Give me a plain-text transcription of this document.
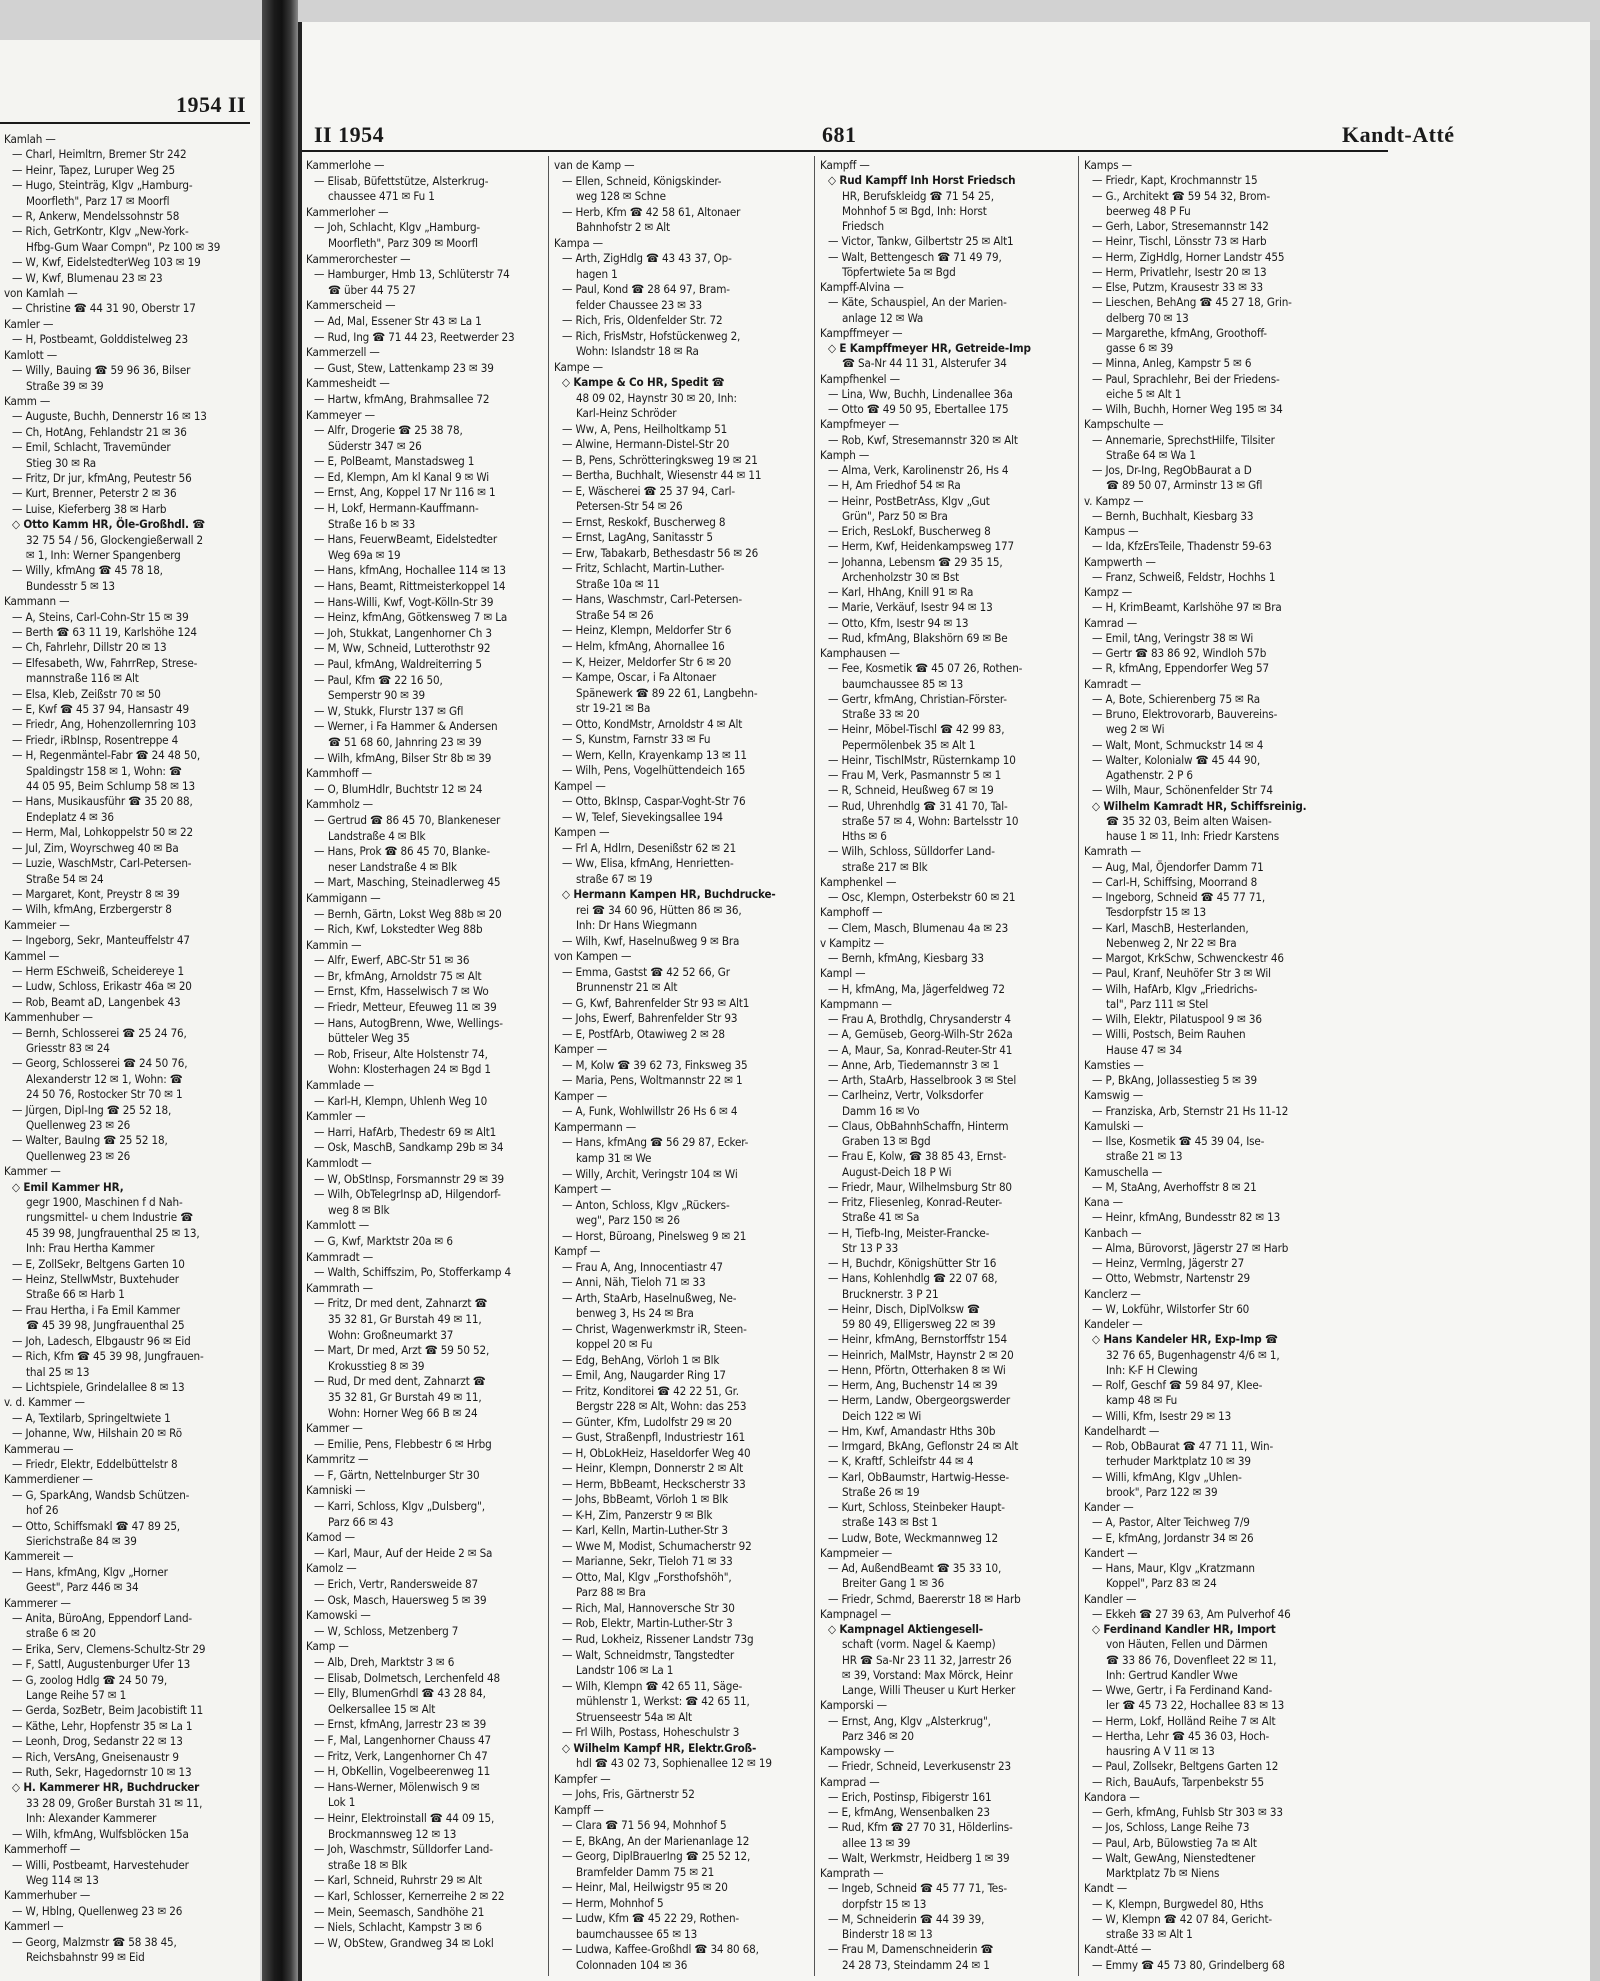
1954 II
Kamlah —
— Charl, Heimltrn, Bremer Str 242
— Heinr, Tapez, Luruper Weg 25
— Hugo, Steinträg, Klgv „Hamburg-
Moorfleth", Parz 17 ✉ Moorfl
— R, Ankerw, Mendelssohnstr 58
— Rich, GetrKontr, Klgv „New-York-
Hfbg-Gum Waar Compn", Pz 100 ✉ 39
— W, Kwf, EidelstedterWeg 103 ✉ 19
— W, Kwf, Blumenau 23 ✉ 23
von Kamlah —
— Christine ☎ 44 31 90, Oberstr 17
Kamler —
— H, Postbeamt, Golddistelweg 23
Kamlott —
— Willy, Bauing ☎ 59 96 36, Bilser
Straße 39 ✉ 39
Kamm —
— Auguste, Buchh, Dennerstr 16 ✉ 13
— Ch, HotAng, Fehlandstr 21 ✉ 36
— Emil, Schlacht, Travemünder
Stieg 30 ✉ Ra
— Fritz, Dr jur, kfmAng, Peutestr 56
— Kurt, Brenner, Peterstr 2 ✉ 36
— Luise, Kieferberg 38 ✉ Harb
◇ Otto Kamm HR, Öle-Großhdl. ☎
32 75 54 / 56, Glockengießerwall 2
✉ 1, Inh: Werner Spangenberg
— Willy, kfmAng ☎ 45 78 18,
Bundesstr 5 ✉ 13
Kammann —
— A, Steins, Carl-Cohn-Str 15 ✉ 39
— Berth ☎ 63 11 19, Karlshöhe 124
— Ch, Fahrlehr, Dillstr 20 ✉ 13
— Elfesabeth, Ww, FahrrRep, Strese-
mannstraße 116 ✉ Alt
— Elsa, Kleb, Zeißstr 70 ✉ 50
— E, Kwf ☎ 45 37 94, Hansastr 49
— Friedr, Ang, Hohenzollernring 103
— Friedr, iRbInsp, Rosentreppe 4
— H, Regenmäntel-Fabr ☎ 24 48 50,
Spaldingstr 158 ✉ 1, Wohn: ☎
44 05 95, Beim Schlump 58 ✉ 13
— Hans, Musikausführ ☎ 35 20 88,
Endeplatz 4 ✉ 36
— Herm, Mal, Lohkoppelstr 50 ✉ 22
— Jul, Zim, Woyrschweg 40 ✉ Ba
— Luzie, WaschMstr, Carl-Petersen-
Straße 54 ✉ 24
— Margaret, Kont, Preystr 8 ✉ 39
— Wilh, kfmAng, Erzbergerstr 8
Kammeier —
— Ingeborg, Sekr, Manteuffelstr 47
Kammel —
— Herm ESchweiß, Scheidereye 1
— Ludw, Schloss, Erikastr 46a ✉ 20
— Rob, Beamt aD, Langenbek 43
Kammenhuber —
— Bernh, Schlosserei ☎ 25 24 76,
Griesstr 83 ✉ 24
— Georg, Schlosserei ☎ 24 50 76,
Alexanderstr 12 ✉ 1, Wohn: ☎
24 50 76, Rostocker Str 70 ✉ 1
— Jürgen, Dipl-Ing ☎ 25 52 18,
Quellenweg 23 ✉ 26
— Walter, BauIng ☎ 25 52 18,
Quellenweg 23 ✉ 26
Kammer —
◇ Emil Kammer HR,
gegr 1900, Maschinen f d Nah-
rungsmittel- u chem Industrie ☎
45 39 98, Jungfrauenthal 25 ✉ 13,
Inh: Frau Hertha Kammer
— E, ZollSekr, Beltgens Garten 10
— Heinz, StellwMstr, Buxtehuder
Straße 66 ✉ Harb 1
— Frau Hertha, i Fa Emil Kammer
☎ 45 39 98, Jungfrauenthal 25
— Joh, Ladesch, Elbgaustr 96 ✉ Eid
— Rich, Kfm ☎ 45 39 98, Jungfrauen-
thal 25 ✉ 13
— Lichtspiele, Grindelallee 8 ✉ 13
v. d. Kammer —
— A, Textilarb, Springeltwiete 1
— Johanne, Ww, Hilshain 20 ✉ Rö
Kammerau —
— Friedr, Elektr, Eddelbüttelstr 8
Kammerdiener —
— G, SparkAng, Wandsb Schützen-
hof 26
— Otto, Schiffsmakl ☎ 47 89 25,
Sierichstraße 84 ✉ 39
Kammereit —
— Hans, kfmAng, Klgv „Horner
Geest", Parz 446 ✉ 34
Kammerer —
— Anita, BüroAng, Eppendorf Land-
straße 6 ✉ 20
— Erika, Serv, Clemens-Schultz-Str 29
— F, Sattl, Augustenburger Ufer 13
— G, zoolog Hdlg ☎ 24 50 79,
Lange Reihe 57 ✉ 1
— Gerda, SozBetr, Beim Jacobistift 11
— Käthe, Lehr, Hopfenstr 35 ✉ La 1
— Leonh, Drog, Sedanstr 22 ✉ 13
— Rich, VersAng, Gneisenaustr 9
— Ruth, Sekr, Hagedornstr 10 ✉ 13
◇ H. Kammerer HR, Buchdrucker
33 28 09, Großer Burstah 31 ✉ 11,
Inh: Alexander Kammerer
— Wilh, kfmAng, Wulfsblöcken 15a
Kammerhoff —
— Willi, Postbeamt, Harvestehuder
Weg 114 ✉ 13
Kammerhuber —
— W, Hblng, Quellenweg 23 ✉ 26
Kammerl —
— Georg, Malzmstr ☎ 58 38 45,
Reichsbahnstr 99 ✉ Eid
II 1954	681	Kandt-Atté
Kammerlohe —
— Elisab, Büfettstütze, Alsterkrug-
chaussee 471 ✉ Fu 1
Kammerloher —
— Joh, Schlacht, Klgv „Hamburg-
Moorfleth", Parz 309 ✉ Moorfl
Kammerorchester —
— Hamburger, Hmb 13, Schlüterstr 74
☎ über 44 75 27
Kammerscheid —
— Ad, Mal, Essener Str 43 ✉ La 1
— Rud, Ing ☎ 71 44 23, Reetwerder 23
Kammerzell —
— Gust, Stew, Lattenkamp 23 ✉ 39
Kammesheidt —
— Hartw, kfmAng, Brahmsallee 72
Kammeyer —
— Alfr, Drogerie ☎ 25 38 78,
Süderstr 347 ✉ 26
— E, PolBeamt, Manstadsweg 1
— Ed, Klempn, Am kl Kanal 9 ✉ Wi
— Ernst, Ang, Koppel 17 Nr 116 ✉ 1
— H, Lokf, Hermann-Kauffmann-
Straße 16 b ✉ 33
— Hans, FeuerwBeamt, Eidelstedter
Weg 69a ✉ 19
— Hans, kfmAng, Hochallee 114 ✉ 13
— Hans, Beamt, Rittmeisterkoppel 14
— Hans-Willi, Kwf, Vogt-Kölln-Str 39
— Heinz, kfmAng, Götkensweg 7 ✉ La
— Joh, Stukkat, Langenhorner Ch 3
— M, Ww, Schneid, Lutterothstr 92
— Paul, kfmAng, Waldreiterring 5
— Paul, Kfm ☎ 22 16 50,
Semperstr 90 ✉ 39
— W, Stukk, Flurstr 137 ✉ Gfl
— Werner, i Fa Hammer & Andersen
☎ 51 68 60, Jahnring 23 ✉ 39
— Wilh, kfmAng, Bilser Str 8b ✉ 39
Kammhoff —
— O, BlumHdlr, Buchtstr 12 ✉ 24
Kammholz —
— Gertrud ☎ 86 45 70, Blankeneser
Landstraße 4 ✉ Blk
— Hans, Prok ☎ 86 45 70, Blanke-
neser Landstraße 4 ✉ Blk
— Mart, Masching, Steinadlerweg 45
Kammigann —
— Bernh, Gärtn, Lokst Weg 88b ✉ 20
— Rich, Kwf, Lokstedter Weg 88b
Kammin —
— Alfr, Ewerf, ABC-Str 51 ✉ 36
— Br, kfmAng, Arnoldstr 75 ✉ Alt
— Ernst, Kfm, Hasselwisch 7 ✉ Wo
— Friedr, Metteur, Efeuweg 11 ✉ 39
— Hans, AutogBrenn, Wwe, Wellings-
bütteler Weg 35
— Rob, Friseur, Alte Holstenstr 74,
Wohn: Klosterhagen 24 ✉ Bgd 1
Kammlade —
— Karl-H, Klempn, Uhlenh Weg 10
Kammler —
— Harri, HafArb, Thedestr 69 ✉ Alt1
— Osk, MaschB, Sandkamp 29b ✉ 34
Kammlodt —
— W, ObStInsp, Forsmannstr 29 ✉ 39
— Wilh, ObTelegrInsp aD, Hilgendorf-
weg 8 ✉ Blk
Kammlott —
— G, Kwf, Marktstr 20a ✉ 6
Kammradt —
— Walth, Schiffszim, Po, Stofferkamp 4
Kammrath —
— Fritz, Dr med dent, Zahnarzt ☎
35 32 81, Gr Burstah 49 ✉ 11,
Wohn: Großneumarkt 37
— Mart, Dr med, Arzt ☎ 59 50 52,
Krokusstieg 8 ✉ 39
— Rud, Dr med dent, Zahnarzt ☎
35 32 81, Gr Burstah 49 ✉ 11,
Wohn: Horner Weg 66 B ✉ 24
Kammer —
— Emilie, Pens, Flebbestr 6 ✉ Hrbg
Kammritz —
— F, Gärtn, Nettelnburger Str 30
Kamniski —
— Karri, Schloss, Klgv „Dulsberg",
Parz 66 ✉ 43
Kamod —
— Karl, Maur, Auf der Heide 2 ✉ Sa
Kamolz —
— Erich, Vertr, Randersweide 87
— Osk, Masch, Hauersweg 5 ✉ 39
Kamowski —
— W, Schloss, Metzenberg 7
Kamp —
— Alb, Dreh, Marktstr 3 ✉ 6
— Elisab, Dolmetsch, Lerchenfeld 48
— Elly, BlumenGrhdl ☎ 43 28 84,
Oelkersallee 15 ✉ Alt
— Ernst, kfmAng, Jarrestr 23 ✉ 39
— F, Mal, Langenhorner Chauss 47
— Fritz, Verk, Langenhorner Ch 47
— H, ObKellin, Vogelbeerenweg 11
— Hans-Werner, Mölenwisch 9 ✉
Lok 1
— Heinr, Elektroinstall ☎ 44 09 15,
Brockmannsweg 12 ✉ 13
— Joh, Waschmstr, Sülldorfer Land-
straße 18 ✉ Blk
— Karl, Schneid, Ruhrstr 29 ✉ Alt
— Karl, Schlosser, Kernerreihe 2 ✉ 22
— Mein, Seemasch, Sandhöhe 21
— Niels, Schlacht, Kampstr 3 ✉ 6
— W, ObStew, Grandweg 34 ✉ Lokl
van de Kamp —
— Ellen, Schneid, Königskinder-
weg 128 ✉ Schne
— Herb, Kfm ☎ 42 58 61, Altonaer
Bahnhofstr 2 ✉ Alt
Kampa —
— Arth, ZigHdlg ☎ 43 43 37, Op-
hagen 1
— Paul, Kond ☎ 28 64 97, Bram-
felder Chaussee 23 ✉ 33
— Rich, Fris, Oldenfelder Str. 72
— Rich, FrisMstr, Hofstückenweg 2,
Wohn: Islandstr 18 ✉ Ra
Kampe —
◇ Kampe & Co HR, Spedit ☎
48 09 02, Haynstr 30 ✉ 20, Inh:
Karl-Heinz Schröder
— Ww, A, Pens, Heilholtkamp 51
— Alwine, Hermann-Distel-Str 20
— B, Pens, Schrötteringksweg 19 ✉ 21
— Bertha, Buchhalt, Wiesenstr 44 ✉ 11
— E, Wäscherei ☎ 25 37 94, Carl-
Petersen-Str 54 ✉ 26
— Ernst, Reskokf, Buscherweg 8
— Ernst, LagAng, Sanitasstr 5
— Erw, Tabakarb, Bethesdastr 56 ✉ 26
— Fritz, Schlacht, Martin-Luther-
Straße 10a ✉ 11
— Hans, Waschmstr, Carl-Petersen-
Straße 54 ✉ 26
— Heinz, Klempn, Meldorfer Str 6
— Helm, kfmAng, Ahornallee 16
— K, Heizer, Meldorfer Str 6 ✉ 20
— Kampe, Oscar, i Fa Altonaer
Spänewerk ☎ 89 22 61, Langbehn-
str 19-21 ✉ Ba
— Otto, KondMstr, Arnoldstr 4 ✉ Alt
— S, Kunstm, Farnstr 33 ✉ Fu
— Wern, Kelln, Krayenkamp 13 ✉ 11
— Wilh, Pens, Vogelhüttendeich 165
Kampel —
— Otto, BkInsp, Caspar-Voght-Str 76
— W, Telef, Sievekingsallee 194
Kampen —
— Frl A, Hdlrn, Desenißstr 62 ✉ 21
— Ww, Elisa, kfmAng, Henrietten-
straße 67 ✉ 19
◇ Hermann Kampen HR, Buchdrucke-
rei ☎ 34 60 96, Hütten 86 ✉ 36,
Inh: Dr Hans Wiegmann
— Wilh, Kwf, Haselnußweg 9 ✉ Bra
von Kampen —
— Emma, Gastst ☎ 42 52 66, Gr
Brunnenstr 21 ✉ Alt
— G, Kwf, Bahrenfelder Str 93 ✉ Alt1
— Johs, Ewerf, Bahrenfelder Str 93
— E, PostfArb, Otawiweg 2 ✉ 28
Kamper —
— M, Kolw ☎ 39 62 73, Finksweg 35
— Maria, Pens, Woltmannstr 22 ✉ 1
Kamper —
— A, Funk, Wohlwillstr 26 Hs 6 ✉ 4
Kampermann —
— Hans, kfmAng ☎ 56 29 87, Ecker-
kamp 31 ✉ We
— Willy, Archit, Veringstr 104 ✉ Wi
Kampert —
— Anton, Schloss, Klgv „Rückers-
weg", Parz 150 ✉ 26
— Horst, Büroang, Pinelsweg 9 ✉ 21
Kampf —
— Frau A, Ang, Innocentiastr 47
— Anni, Näh, Tieloh 71 ✉ 33
— Arth, StaArb, Haselnußweg, Ne-
benweg 3, Hs 24 ✉ Bra
— Christ, Wagenwerkmstr iR, Steen-
koppel 20 ✉ Fu
— Edg, BehAng, Vörloh 1 ✉ Blk
— Emil, Ang, Naugarder Ring 17
— Fritz, Konditorei ☎ 42 22 51, Gr.
Bergstr 228 ✉ Alt, Wohn: das 253
— Günter, Kfm, Ludolfstr 29 ✉ 20
— Gust, Straßenpfl, Industriestr 161
— H, ObLokHeiz, Haseldorfer Weg 40
— Heinr, Klempn, Donnerstr 2 ✉ Alt
— Herm, BbBeamt, Heckscherstr 33
— Johs, BbBeamt, Vörloh 1 ✉ Blk
— K-H, Zim, Panzerstr 9 ✉ Blk
— Karl, Kelln, Martin-Luther-Str 3
— Wwe M, Modist, Schumacherstr 92
— Marianne, Sekr, Tieloh 71 ✉ 33
— Otto, Mal, Klgv „Forsthofshöh",
Parz 88 ✉ Bra
— Rich, Mal, Hannoversche Str 30
— Rob, Elektr, Martin-Luther-Str 3
— Rud, Lokheiz, Rissener Landstr 73g
— Walt, Schneidmstr, Tangstedter
Landstr 106 ✉ La 1
— Wilh, Klempn ☎ 42 65 11, Säge-
mühlenstr 1, Werkst: ☎ 42 65 11,
Struenseestr 54a ✉ Alt
— Frl Wilh, Postass, Hoheschulstr 3
◇ Wilhelm Kampf HR, Elektr.Groß-
hdl ☎ 43 02 73, Sophienallee 12 ✉ 19
Kampfer —
— Johs, Fris, Gärtnerstr 52
Kampff —
— Clara ☎ 71 56 94, Mohnhof 5
— E, BkAng, An der Marienanlage 12
— Georg, DiplBrauerIng ☎ 25 52 12,
Bramfelder Damm 75 ✉ 21
— Heinr, Mal, Heilwigstr 95 ✉ 20
— Herm, Mohnhof 5
— Ludw, Kfm ☎ 45 22 29, Rothen-
baumchaussee 65 ✉ 13
— Ludwa, Kaffee-Großhdl ☎ 34 80 68,
Colonnaden 104 ✉ 36
Kampff —
◇ Rud Kampff Inh Horst Friedsch
HR, Berufskleidg ☎ 71 54 25,
Mohnhof 5 ✉ Bgd, Inh: Horst
Friedsch
— Victor, Tankw, Gilbertstr 25 ✉ Alt1
— Walt, Bettengesch ☎ 71 49 79,
Töpfertwiete 5a ✉ Bgd
Kampff-Alvina —
— Käte, Schauspiel, An der Marien-
anlage 12 ✉ Wa
Kampffmeyer —
◇ E Kampffmeyer HR, Getreide-Imp
☎ Sa-Nr 44 11 31, Alsterufer 34
Kampfhenkel —
— Lina, Ww, Buchh, Lindenallee 36a
— Otto ☎ 49 50 95, Ebertallee 175
Kampfmeyer —
— Rob, Kwf, Stresemannstr 320 ✉ Alt
Kamph —
— Alma, Verk, Karolinenstr 26, Hs 4
— H, Am Friedhof 54 ✉ Ra
— Heinr, PostBetrAss, Klgv „Gut
Grün", Parz 50 ✉ Bra
— Erich, ResLokf, Buscherweg 8
— Herm, Kwf, Heidenkampsweg 177
— Johanna, Lebensm ☎ 29 35 15,
Archenholzstr 30 ✉ Bst
— Karl, HhAng, Knill 91 ✉ Ra
— Marie, Verkäuf, Isestr 94 ✉ 13
— Otto, Kfm, Isestr 94 ✉ 13
— Rud, kfmAng, Blakshörn 69 ✉ Be
Kamphausen —
— Fee, Kosmetik ☎ 45 07 26, Rothen-
baumchaussee 85 ✉ 13
— Gertr, kfmAng, Christian-Förster-
Straße 33 ✉ 20
— Heinr, Möbel-Tischl ☎ 42 99 83,
Pepermölenbek 35 ✉ Alt 1
— Heinr, TischlMstr, Rüsternkamp 10
— Frau M, Verk, Pasmannstr 5 ✉ 1
— R, Schneid, Heußweg 67 ✉ 19
— Rud, Uhrenhdlg ☎ 31 41 70, Tal-
straße 57 ✉ 4, Wohn: Bartelsstr 10
Hths ✉ 6
— Wilh, Schloss, Sülldorfer Land-
straße 217 ✉ Blk
Kamphenkel —
— Osc, Klempn, Osterbekstr 60 ✉ 21
Kamphoff —
— Clem, Masch, Blumenau 4a ✉ 23
v Kampitz —
— Bernh, kfmAng, Kiesbarg 33
Kampl —
— H, kfmAng, Ma, Jägerfeldweg 72
Kampmann —
— Frau A, Brothdlg, Chrysanderstr 4
— A, Gemüseb, Georg-Wilh-Str 262a
— A, Maur, Sa, Konrad-Reuter-Str 41
— Anne, Arb, Tiedemannstr 3 ✉ 1
— Arth, StaArb, Hasselbrook 3 ✉ Stel
— Carlheinz, Vertr, Volksdorfer
Damm 16 ✉ Vo
— Claus, ObBahnhSchaffn, Hinterm
Graben 13 ✉ Bgd
— Frau E, Kolw, ☎ 38 85 43, Ernst-
August-Deich 18 P Wi
— Friedr, Maur, Wilhelmsburg Str 80
— Fritz, Fliesenleg, Konrad-Reuter-
Straße 41 ✉ Sa
— H, Tiefb-Ing, Meister-Francke-
Str 13 P 33
— H, Buchdr, Königshütter Str 16
— Hans, Kohlenhdlg ☎ 22 07 68,
Brucknerstr. 3 P 21
— Heinr, Disch, DiplVolksw ☎
59 80 49, Elligersweg 22 ✉ 39
— Heinr, kfmAng, Bernstorffstr 154
— Heinrich, MalMstr, Haynstr 2 ✉ 20
— Henn, Pförtn, Otterhaken 8 ✉ Wi
— Herm, Ang, Buchenstr 14 ✉ 39
— Herm, Landw, Obergeorgswerder
Deich 122 ✉ Wi
— Hm, Kwf, Amandastr Hths 30b
— Irmgard, BkAng, Geflonstr 24 ✉ Alt
— K, Kraftf, Schleifstr 44 ✉ 4
— Karl, ObBaumstr, Hartwig-Hesse-
Straße 26 ✉ 19
— Kurt, Schloss, Steinbeker Haupt-
straße 143 ✉ Bst 1
— Ludw, Bote, Weckmannweg 12
Kampmeier —
— Ad, AußendBeamt ☎ 35 33 10,
Breiter Gang 1 ✉ 36
— Friedr, Schmd, Baererstr 18 ✉ Harb
Kampnagel —
◇ Kampnagel Aktiengesell-
schaft (vorm. Nagel & Kaemp)
HR ☎ Sa-Nr 23 11 32, Jarrestr 26
✉ 39, Vorstand: Max Mörck, Heinr
Lange, Willi Theuser u Kurt Herker
Kamporski —
— Ernst, Ang, Klgv „Alsterkrug",
Parz 346 ✉ 20
Kampowsky —
— Friedr, Schneid, Leverkusenstr 23
Kamprad —
— Erich, Postinsp, Fibigerstr 161
— E, kfmAng, Wensenbalken 23
— Rud, Kfm ☎ 27 70 31, Hölderlins-
allee 13 ✉ 39
— Walt, Werkmstr, Heidberg 1 ✉ 39
Kamprath —
— Ingeb, Schneid ☎ 45 77 71, Tes-
dorpfstr 15 ✉ 13
— M, Schneiderin ☎ 44 39 39,
Binderstr 18 ✉ 13
— Frau M, Damenschneiderin ☎
24 28 73, Steindamm 24 ✉ 1
Kamps —
— Friedr, Kapt, Krochmannstr 15
— G., Architekt ☎ 59 54 32, Brom-
beerweg 48 P Fu
— Gerh, Labor, Stresemannstr 142
— Heinr, Tischl, Lönsstr 73 ✉ Harb
— Herm, ZigHdlg, Horner Landstr 455
— Herm, Privatlehr, Isestr 20 ✉ 13
— Else, Putzm, Krausestr 33 ✉ 33
— Lieschen, BehAng ☎ 45 27 18, Grin-
delberg 70 ✉ 13
— Margarethe, kfmAng, Groothoff-
gasse 6 ✉ 39
— Minna, Anleg, Kampstr 5 ✉ 6
— Paul, Sprachlehr, Bei der Friedens-
eiche 5 ✉ Alt 1
— Wilh, Buchh, Horner Weg 195 ✉ 34
Kampschulte —
— Annemarie, SprechstHilfe, Tilsiter
Straße 64 ✉ Wa 1
— Jos, Dr-Ing, RegObBaurat a D
☎ 89 50 07, Arminstr 13 ✉ Gfl
v. Kampz —
— Bernh, Buchhalt, Kiesbarg 33
Kampus —
— Ida, KfzErsTeile, Thadenstr 59-63
Kampwerth —
— Franz, Schweiß, Feldstr, Hochhs 1
Kampz —
— H, KrimBeamt, Karlshöhe 97 ✉ Bra
Kamrad —
— Emil, tAng, Veringstr 38 ✉ Wi
— Gertr ☎ 83 86 92, Windloh 57b
— R, kfmAng, Eppendorfer Weg 57
Kamradt —
— A, Bote, Schierenberg 75 ✉ Ra
— Bruno, Elektrovorarb, Bauvereins-
weg 2 ✉ Wi
— Walt, Mont, Schmuckstr 14 ✉ 4
— Walter, Kolonialw ☎ 45 44 90,
Agathenstr. 2 P 6
— Wilh, Maur, Schönenfelder Str 74
◇ Wilhelm Kamradt HR, Schiffsreinig.
☎ 35 32 03, Beim alten Waisen-
hause 1 ✉ 11, Inh: Friedr Karstens
Kamrath —
— Aug, Mal, Öjendorfer Damm 71
— Carl-H, Schiffsing, Moorrand 8
— Ingeborg, Schneid ☎ 45 77 71,
Tesdorpfstr 15 ✉ 13
— Karl, MaschB, Hesterlanden,
Nebenweg 2, Nr 22 ✉ Bra
— Margot, KrkSchw, Schwenckestr 46
— Paul, Kranf, Neuhöfer Str 3 ✉ Wil
— Wilh, HafArb, Klgv „Friedrichs-
tal", Parz 111 ✉ Stel
— Wilh, Elektr, Pilatuspool 9 ✉ 36
— Willi, Postsch, Beim Rauhen
Hause 47 ✉ 34
Kamsties —
— P, BkAng, Jollassestieg 5 ✉ 39
Kamswig —
— Franziska, Arb, Sternstr 21 Hs 11-12
Kamulski —
— Ilse, Kosmetik ☎ 45 39 04, Ise-
straße 21 ✉ 13
Kamuschella —
— M, StaAng, Averhoffstr 8 ✉ 21
Kana —
— Heinr, kfmAng, Bundesstr 82 ✉ 13
Kanbach —
— Alma, Bürovorst, Jägerstr 27 ✉ Harb
— Heinz, Vermlng, Jägerstr 27
— Otto, Webmstr, Nartenstr 29
Kanclerz —
— W, Lokführ, Wilstorfer Str 60
Kandeler —
◇ Hans Kandeler HR, Exp-Imp ☎
32 76 65, Bugenhagenstr 4/6 ✉ 1,
Inh: K-F H Clewing
— Rolf, Geschf ☎ 59 84 97, Klee-
kamp 48 ✉ Fu
— Willi, Kfm, Isestr 29 ✉ 13
Kandelhardt —
— Rob, ObBaurat ☎ 47 71 11, Win-
terhuder Marktplatz 10 ✉ 39
— Willi, kfmAng, Klgv „Uhlen-
brook", Parz 122 ✉ 39
Kander —
— A, Pastor, Alter Teichweg 7/9
— E, kfmAng, Jordanstr 34 ✉ 26
Kandert —
— Hans, Maur, Klgv „Kratzmann
Koppel", Parz 83 ✉ 24
Kandler —
— Ekkeh ☎ 27 39 63, Am Pulverhof 46
◇ Ferdinand Kandler HR, Import
von Häuten, Fellen und Därmen
☎ 33 86 76, Dovenfleet 22 ✉ 11,
Inh: Gertrud Kandler Wwe
— Wwe, Gertr, i Fa Ferdinand Kand-
ler ☎ 45 73 22, Hochallee 83 ✉ 13
— Herm, Lokf, Holländ Reihe 7 ✉ Alt
— Hertha, Lehr ☎ 45 36 03, Hoch-
hausring A V 11 ✉ 13
— Paul, Zollsekr, Beltgens Garten 12
— Rich, BauAufs, Tarpenbekstr 55
Kandora —
— Gerh, kfmAng, Fuhlsb Str 303 ✉ 33
— Jos, Schloss, Lange Reihe 73
— Paul, Arb, Bülowstieg 7a ✉ Alt
— Walt, GewAng, Nienstedtener
Marktplatz 7b ✉ Niens
Kandt —
— K, Klempn, Burgwedel 80, Hths
— W, Klempn ☎ 42 07 84, Gericht-
straße 33 ✉ Alt 1
Kandt-Atté —
— Emmy ☎ 45 73 80, Grindelberg 68
